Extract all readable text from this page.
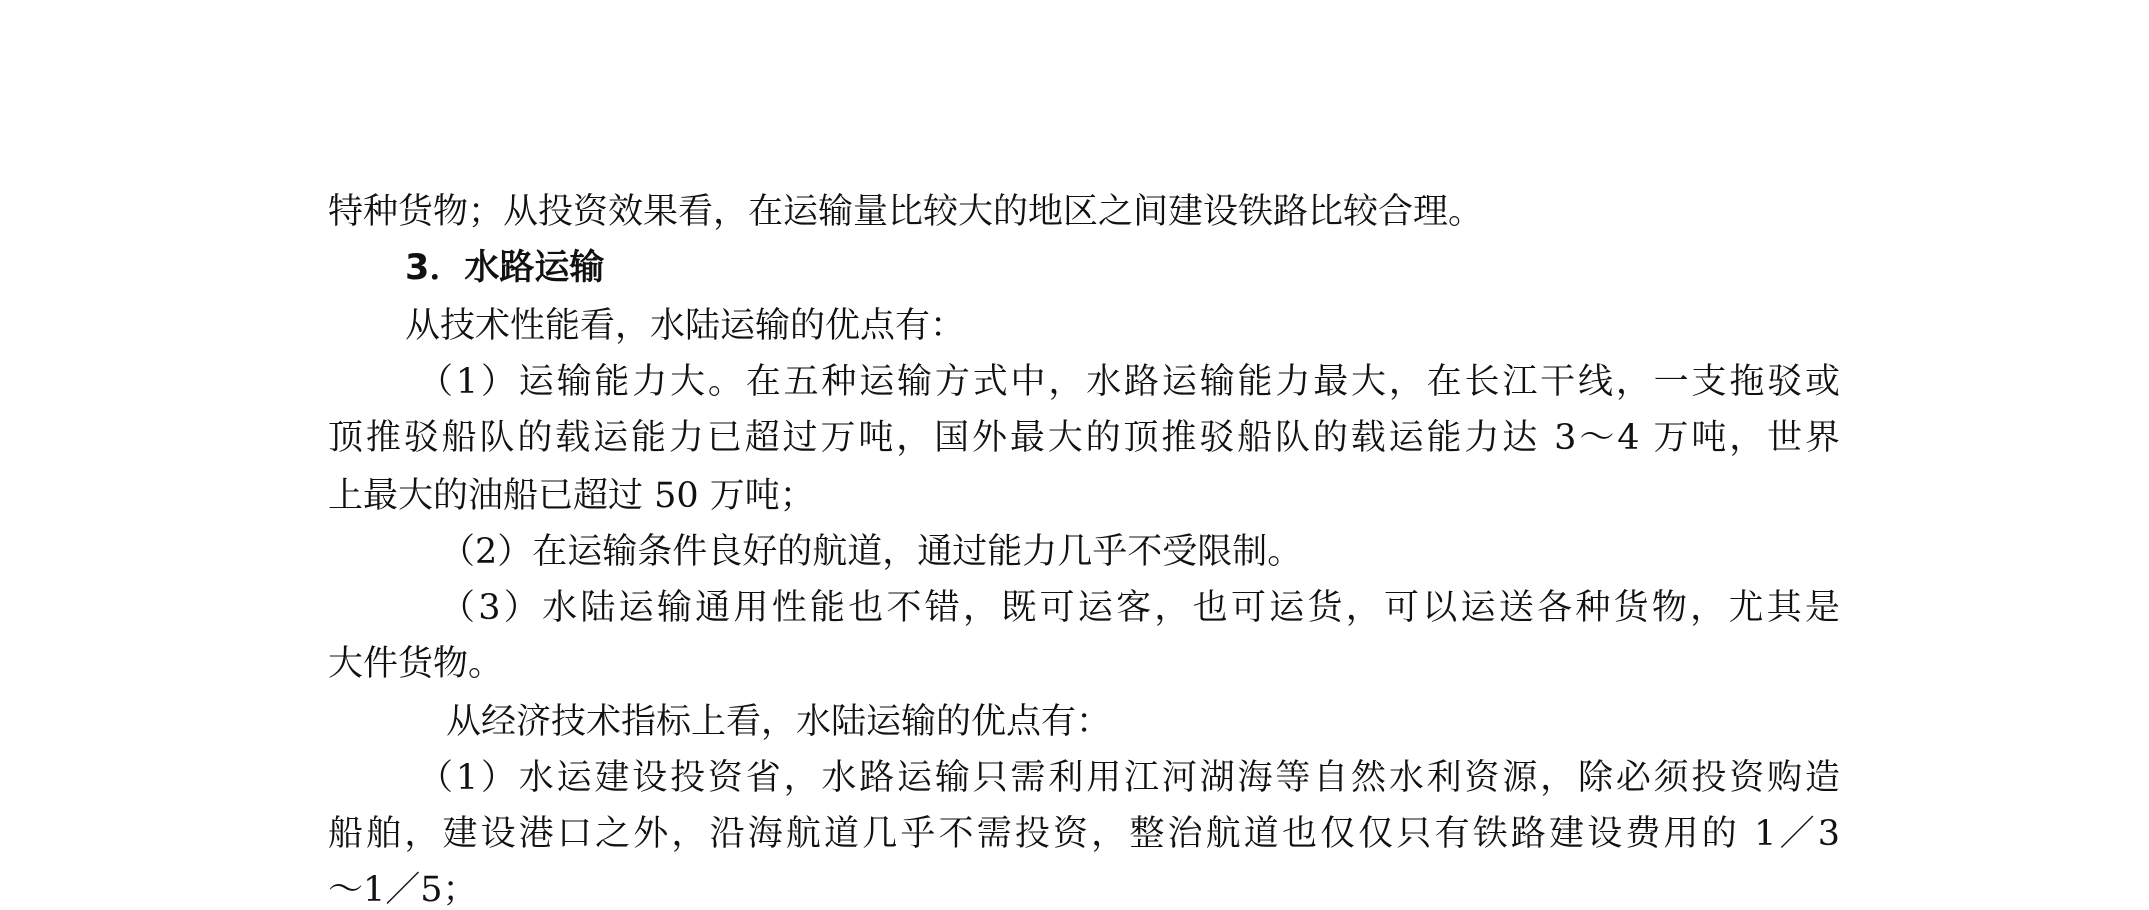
特种货物；从投资效果看，在运输量比较大的地区之间建设铁路比较合理。
3．水路运输
从技术性能看，水陆运输的优点有：
（1）运输能力大。在五种运输方式中，水路运输能力最大，在长江干线，一支拖驳或
顶推驳船队的载运能力已超过万吨，国外最大的顶推驳船队的载运能力达 3～4 万吨，世界
上最大的油船已超过 50 万吨；
（2）在运输条件良好的航道，通过能力几乎不受限制。
（3）水陆运输通用性能也不错，既可运客，也可运货，可以运送各种货物，尤其是
大件货物。
从经济技术指标上看，水陆运输的优点有：
（1）水运建设投资省，水路运输只需利用江河湖海等自然水利资源，除必须投资购造
船舶，建设港口之外，沿海航道几乎不需投资，整治航道也仅仅只有铁路建设费用的 1／3
～1／5；
